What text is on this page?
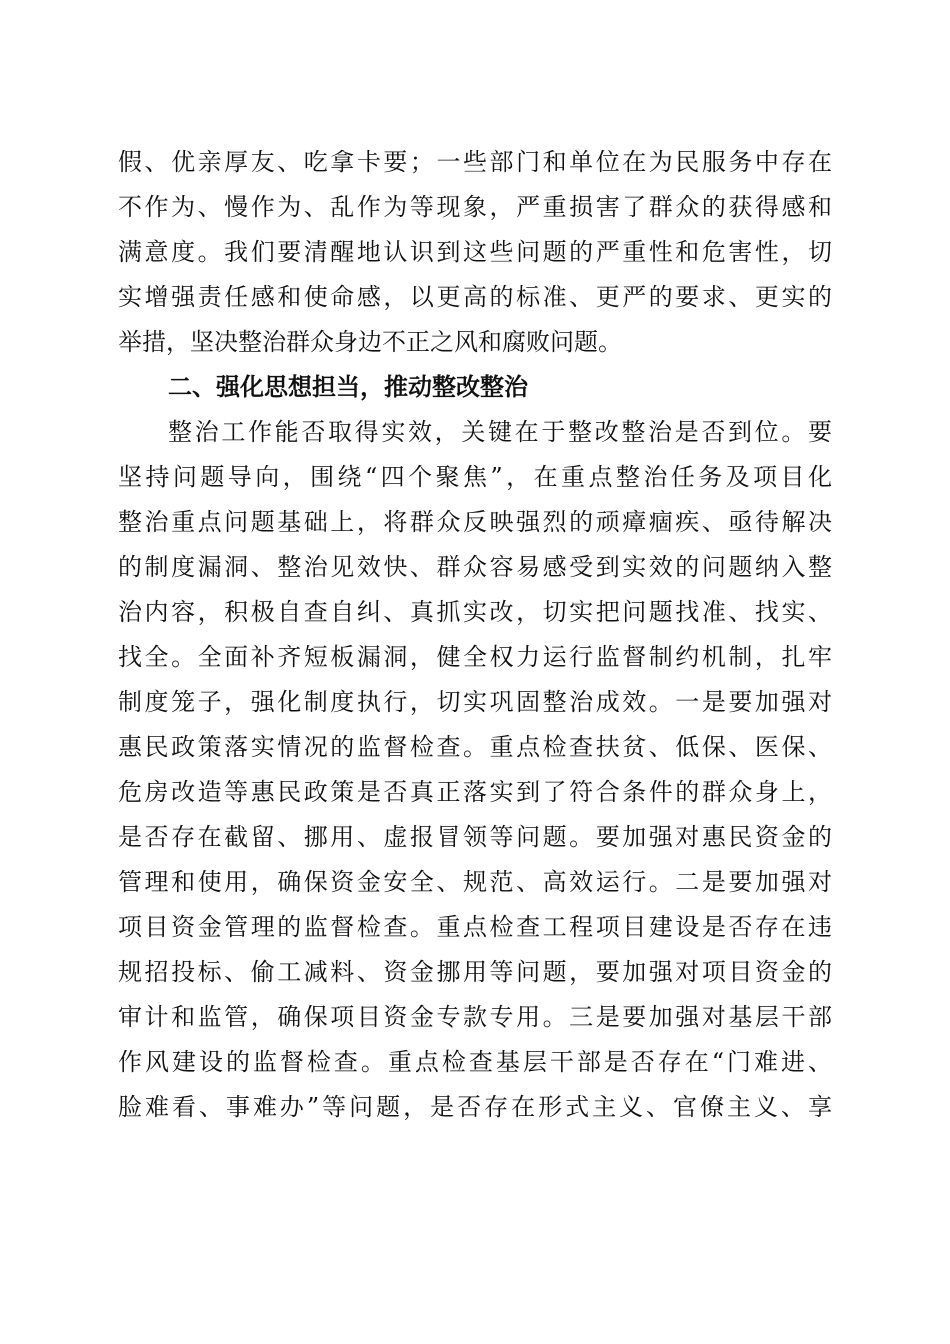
假、优亲厚友、吃拿卡要；一些部门和单位在为民服务中存在
不作为、慢作为、乱作为等现象，严重损害了群众的获得感和
满意度。我们要清醒地认识到这些问题的严重性和危害性，切
实增强责任感和使命感，以更高的标准、更严的要求、更实的
举措，坚决整治群众身边不正之风和腐败问题。
二、强化思想担当，推动整改整治
整治工作能否取得实效，关键在于整改整治是否到位。要
坚持问题导向，围绕“四个聚焦”，在重点整治任务及项目化
整治重点问题基础上，将群众反映强烈的顽瘴痼疾、亟待解决
的制度漏洞、整治见效快、群众容易感受到实效的问题纳入整
治内容，积极自查自纠、真抓实改，切实把问题找准、找实、
找全。全面补齐短板漏洞，健全权力运行监督制约机制，扎牢
制度笼子，强化制度执行，切实巩固整治成效。一是要加强对
惠民政策落实情况的监督检查。重点检查扶贫、低保、医保、
危房改造等惠民政策是否真正落实到了符合条件的群众身上，
是否存在截留、挪用、虚报冒领等问题。要加强对惠民资金的
管理和使用，确保资金安全、规范、高效运行。二是要加强对
项目资金管理的监督检查。重点检查工程项目建设是否存在违
规招投标、偷工减料、资金挪用等问题，要加强对项目资金的
审计和监管，确保项目资金专款专用。三是要加强对基层干部
作风建设的监督检查。重点检查基层干部是否存在“门难进、
脸难看、事难办”等问题，是否存在形式主义、官僚主义、享
